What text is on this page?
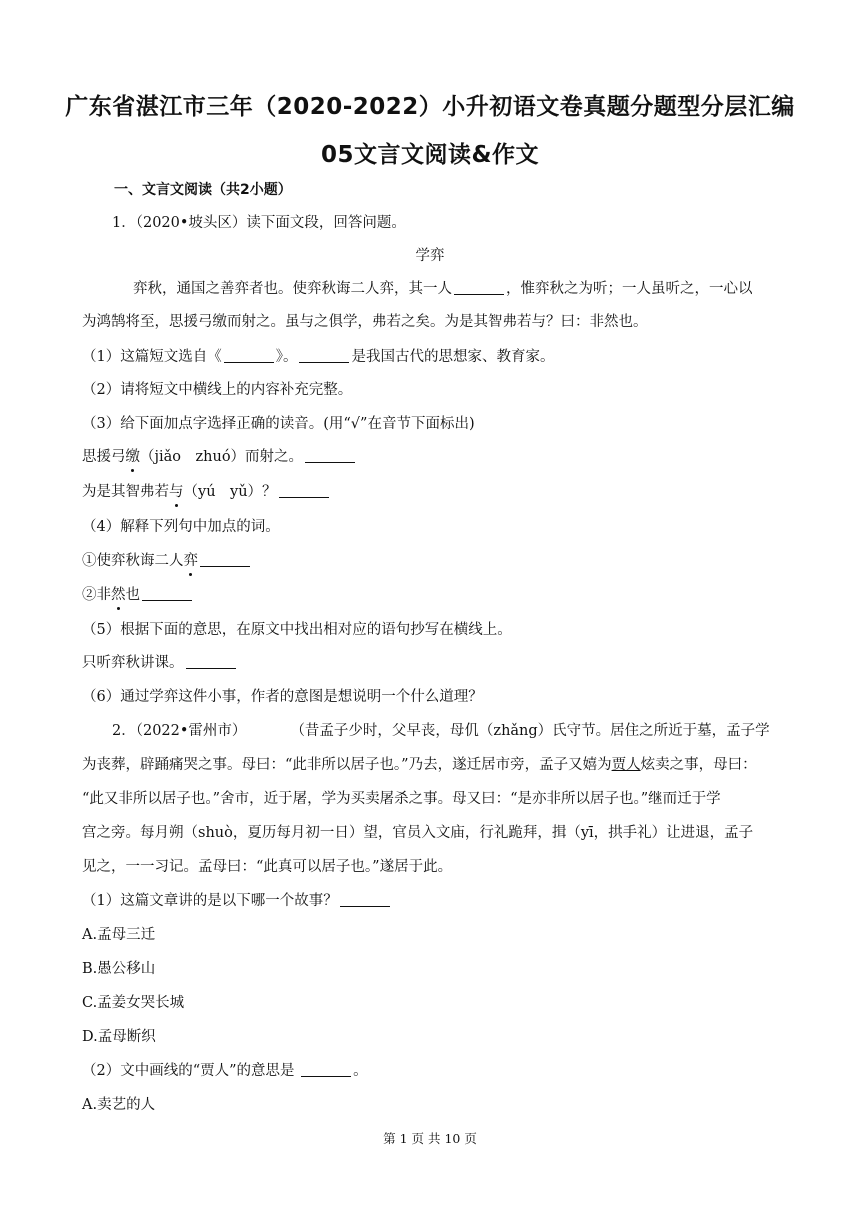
广东省湛江市三年（2020-2022）小升初语文卷真题分题型分层汇编
05文言文阅读&作文
一、文言文阅读（共2小题）
1．（2020•坡头区）读下面文段，回答问题。
学弈
弈秋，通国之善弈者也。使弈秋诲二人弈，其一人	，惟弈秋之为听；一人虽听之，一心以
为鸿鹄将至，思援弓缴而射之。虽与之俱学，弗若之矣。为是其智弗若与？曰：非然也。
（1）这篇短文选自《	》。	是我国古代的思想家、教育家。
（2）请将短文中横线上的内容补充完整。
（3）给下面加点字选择正确的读音。(用“√”在音节下面标出)
思援弓缴（jiǎo　zhuó）而射之。
为是其智弗若与（yú　yǔ）？
（4）解释下列句中加点的词。
①使弈秋诲二人弈
②非然也
（5）根据下面的意思，在原文中找出相对应的语句抄写在横线上。
只听弈秋讲课。
（6）通过学弈这件小事，作者的意图是想说明一个什么道理？
2．（2022•雷州市）	（昔孟子少时，父早丧，母仉（zhǎng）氏守节。居住之所近于墓，孟子学
为丧葬，辟踊痛哭之事。母曰：“此非所以居子也。”乃去，遂迁居市旁，孟子又嬉为贾人炫卖之事，母曰：
“此又非所以居子也。”舍市，近于屠，学为买卖屠杀之事。母又曰：“是亦非所以居子也。”继而迁于学
宫之旁。每月朔（shuò，夏历每月初一日）望，官员入文庙，行礼跪拜，揖（yī，拱手礼）让进退，孟子
见之，一一习记。孟母曰：“此真可以居子也。”遂居于此。
（1）这篇文章讲的是以下哪一个故事？
A.孟母三迁
B.愚公移山
C.孟姜女哭长城
D.孟母断织
（2）文中画线的“贾人”的意思是	。
A.卖艺的人
第 1 页 共 10 页
